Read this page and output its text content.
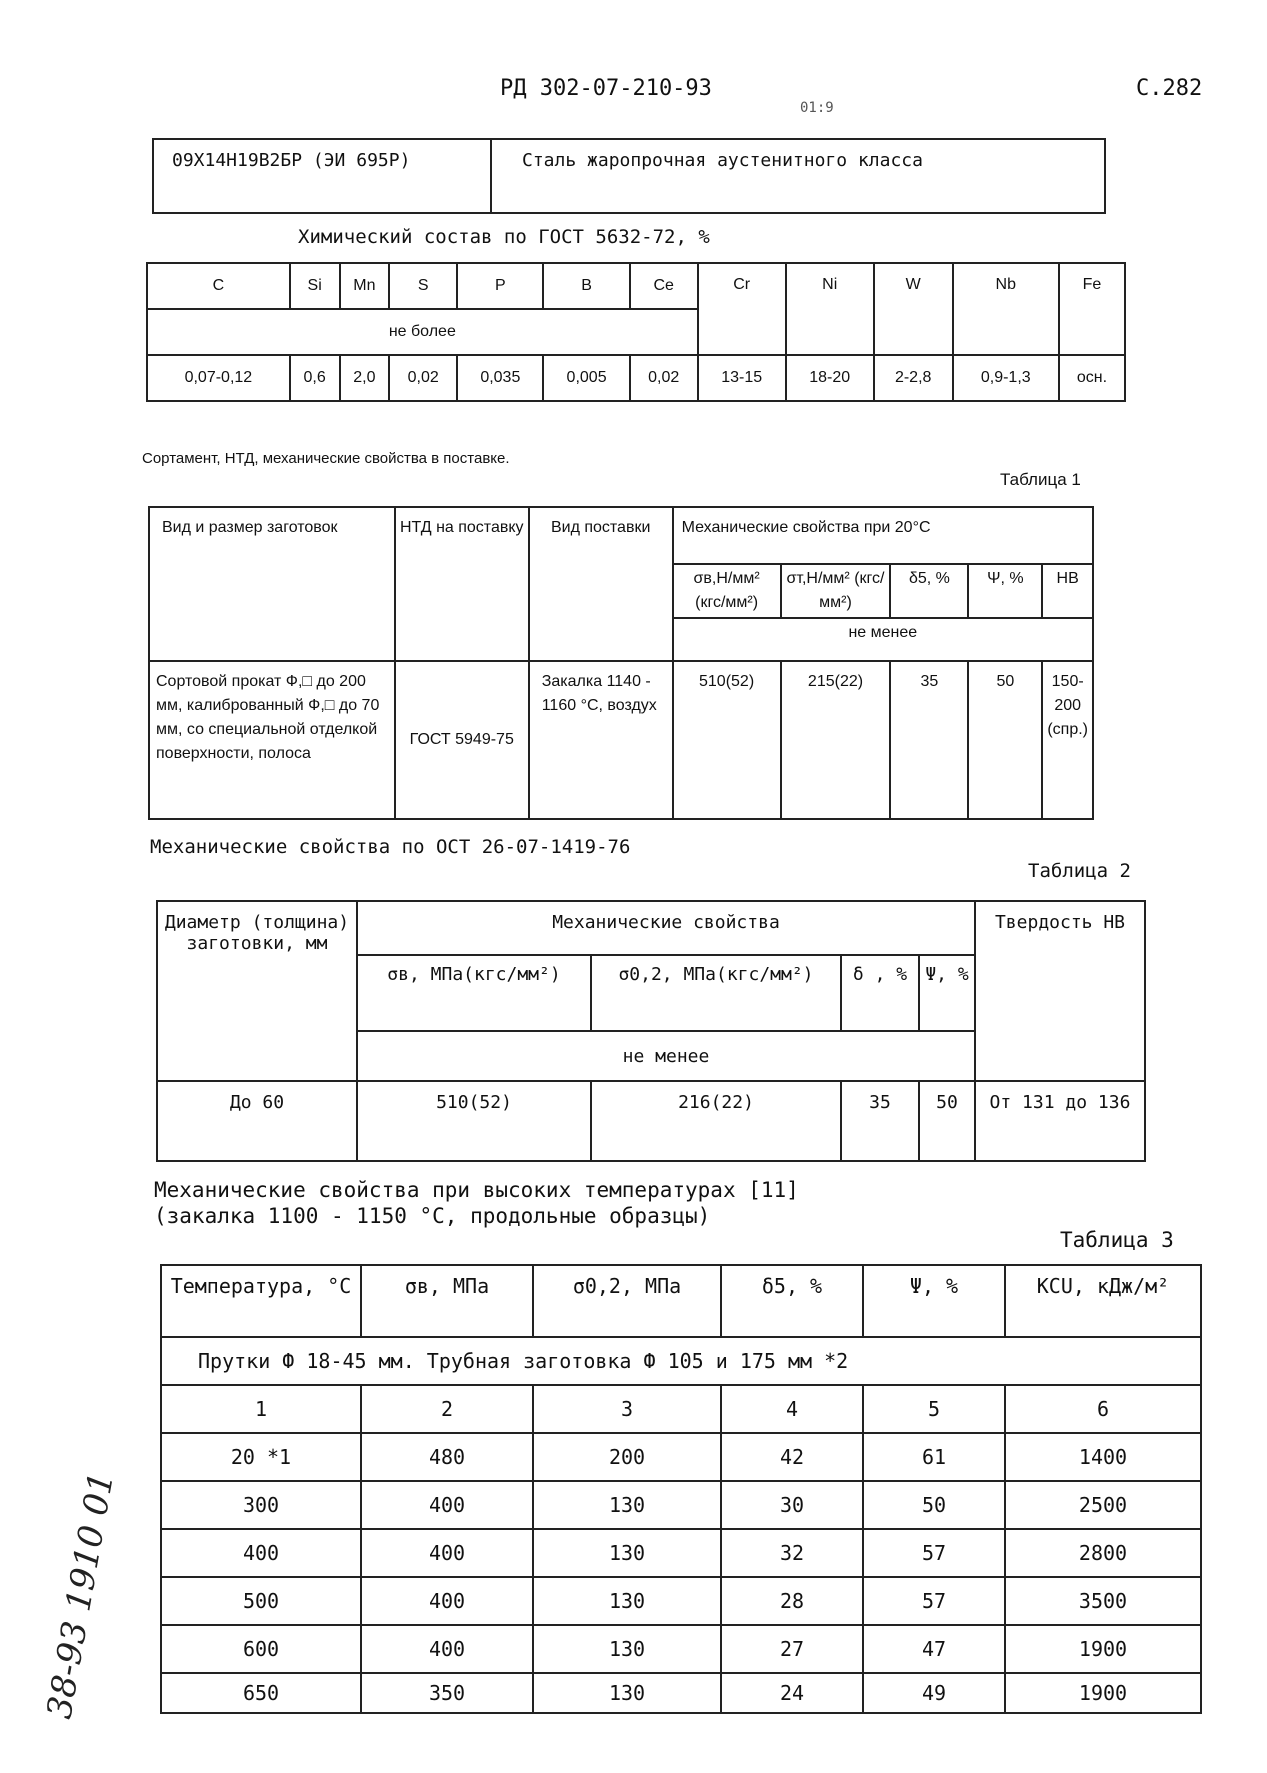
РД 302-07-210-93	С.282
01:9
09Х14Н19В2БР (ЭИ 695Р)	Сталь жаропрочная аустенитного класса
Химический состав по ГОСТ 5632-72, %
C	Si	Mn	S	P	B	Ce	Cr	Ni	W	Nb	Fe
не более											
0,07-0,12	0,6	2,0	0,02	0,035	0,005	0,02	13-15	18-20	2-2,8	0,9-1,3	осн.
Сортамент, НТД, механические свойства в поставке.
Таблица 1
Вид и размер заготовок	НТД на поставку	Вид поставки	Механические свойства при 20°С				
			σв,Н/мм² (кгс/мм²)	σт,Н/мм² (кгс/мм²)	δ5, %	Ψ, %	НВ
			не менее				
Сортовой прокат Ф,□ до 200 мм, калиброванный Ф,□ до 70 мм, со специальной отделкой поверхности, полоса	ГОСТ 5949-75	Закалка 1140 - 1160 °С, воздух	510(52)	215(22)	35	50	150-200 (спр.)
Механические свойства по ОСТ 26-07-1419-76
Таблица 2
Диаметр (толщина) заготовки, мм	Механические свойства				Твердость НВ
	σв, МПа(кгс/мм²)	σ0,2, МПа(кгс/мм²)	δ , %	Ψ, %	
	не менее				
До 60	510(52)	216(22)	35	50	От 131 до 136
Механические свойства при высоких температурах [11]
(закалка 1100 - 1150 °С, продольные образцы)
Таблица 3
Температура, °С	σв, МПа	σ0,2, МПа	δ5, %	Ψ, %	KCU, кДж/м²
Прутки Ф 18-45 мм. Трубная заготовка Ф 105 и 175 мм *2					
1	2	3	4	5	6
20 *1	480	200	42	61	1400
300	400	130	30	50	2500
400	400	130	32	57	2800
500	400	130	28	57	3500
600	400	130	27	47	1900
650	350	130	24	49	1900
38-93 1910 01
